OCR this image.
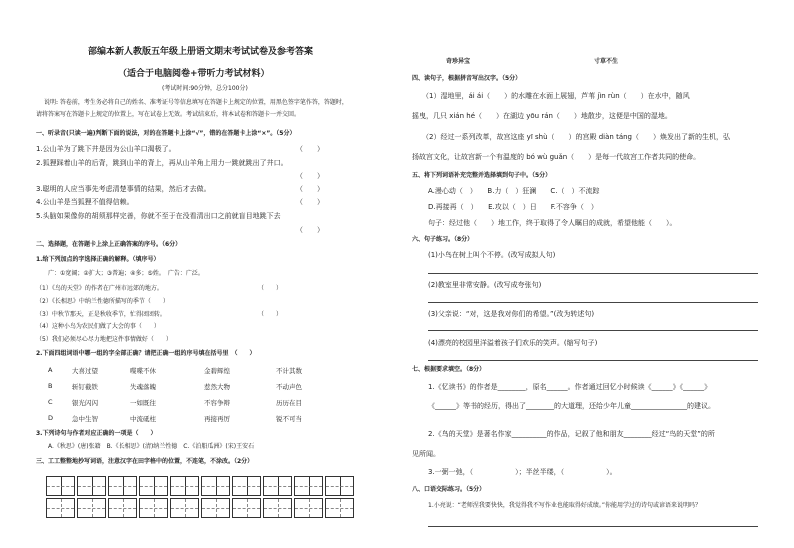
部编本新人教版五年级上册语文期末考试试卷及参考答案
（适合于电脑阅卷+带听力考试材料）
(考试时间:90分钟，总分100分)
说明: 答卷前，考生务必将自己的姓名、准考证号等信息填写在答题卡上规定的位置，用黑色签字笔作答，答题时，
请将答案写在答题卡上规定的位置上，写在试卷上无效。考试结束后，将本试卷和答题卡一并交回。
一、听录音(只读一遍)判断下面的说法，对的在答题卡上涂“√”，错的在答题卡上涂“×”。（5分）
1.公山羊为了跳下井是因为公山羊口渴极了。	（　　）
2.狐狸踩着山羊的后背，跳到山羊的背上，再从山羊角上用力一跳就跳出了井口。
（　　）
3.聪明的人应当事先考虑清楚事情的结果，然后才去做。	（　　）
4.公山羊是当狐狸不值得信赖。	（　　）
5.头脑如果像你的胡须那样完善，你就不至于在没看清出口之前就盲目地跳下去
（　　）
二、选择题，在答题卡上涂上正确答案的序号。（6分）
1.给下列加点的字选择正确的解释。（填序号）
广：①宽阔；②扩大；③普遍；④多；⑤姓。　广告：广泛。
（1）《鸟的天堂》的作者在广州市远郊的地方。	（　　）
（2）《长相思》中纳兰性德所描写的季节（　　）
（3）中秋节那天，正是秋收季节，忙得团团转。	（　　）
（4）这种小鸟为农民们做了大会的事（　　）
（5）我们必须尽心尽力地把这件事情做好（　　）
2.下面四组词语中哪一组的字全部正确？请把正确一组的序号填在括号里　（　　）
A	大喜过望	喋喋不休	金碧辉煌	不计其数
B	斩钉截铁	失魂落魄	惹然大物	不动声色
C	银光闪闪	一如既往	不容争辩	历历在目
D	急中生智	中流砥柱	再接再厉	锐不可当
3.下列诗句与作者对应正确的一项是（　　）
A.《秋思》(唐)张籍　B.《长相思》(清)纳兰性德　C.《泊船瓜洲》(宋)王安石
三、工工整整地抄写词语，注意汉字在田字格中的位置，不连笔，不涂改。（2分）
奇珍异宝	寸草不生
四、读句子，根据拼音写出汉字。（5分）
（1）湿地里，ái ái（　　）的水雕在水面上展翅，芦苇 jìn rùn（　　）在水中，随风
摇曳，几只 xián hé（　　）在湖边 yōu rán（　　）地散步，这便是中国的湿地。
（2）经过一系列改革，故宫这座 yī shù（　　）的宫殿 diàn táng（　　）焕发出了新的生机，弘
扬故宫文化，让故宫新一个有温度的 bó wù guǎn（　　）是每一代故宫工作者共同的使命。
五、将下列词语补充完整并选择填到句子中。（5分）
A.漫心动（　）　　B.力（　）狂澜　　C.（　）不流踪
D.再接再（　）　　E.攻以（　）日　　F.不容争（　）
句子：经过他（　　）地工作，终于取得了令人瞩目的成就，希望他能（　　）。
六、句子练习。（8分）
(1)小鸟在树上叫个不停。(改写成拟人句)
(2)教室里非常安静。(改写成夸张句)
(3)父亲说：“对，这是我对你们的希望。”(改为转述句)
(4)漂亮的校园里洋溢着孩子们欢乐的笑声。(缩写句子)
七、根据要求填空。（8分）
1.《忆读书》的作者是________，原名______。作者通过回忆小时候读《______》《______》
《______》等书的经历，得出了________的大道理，还给少年儿童________________的建议。
2.《鸟的天堂》是著名作家__________的作品，记叙了他和朋友________经过“鸟的天堂”的所
见所闻。
3.一弼一弛，（　　　　　　）；半丝半缕，（　　　　　　）。
八、口语交际练习。（5分）
1.小亮说：“老师涅我要快快，我觉得我不写作业也能取得好成绩。”你能用学过的诗句或谚语来说明吗？
